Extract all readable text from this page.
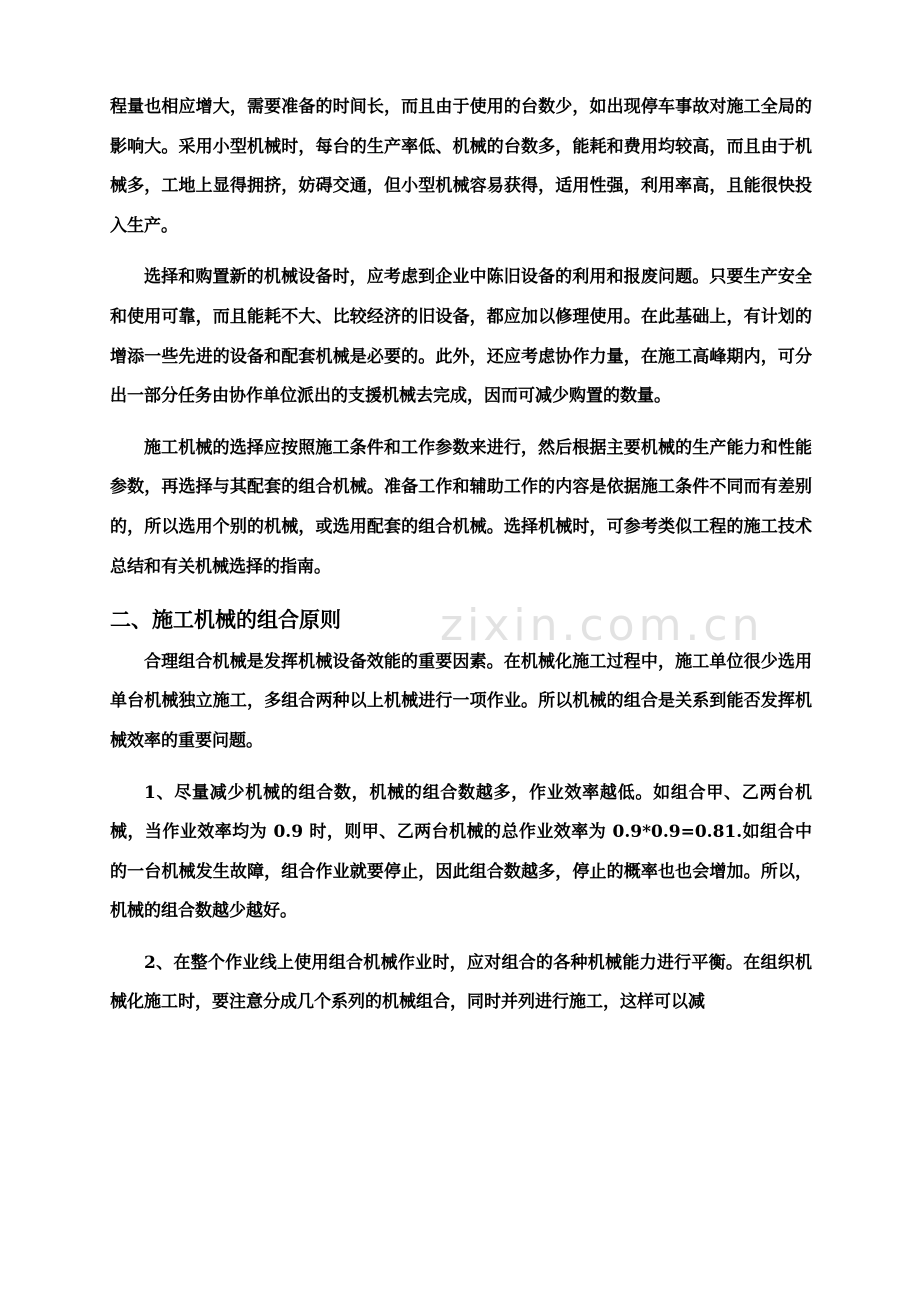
zixin.com.cn

程量也相应增大，需要准备的时间长，而且由于使用的台数少，如出现停车事故对施工全局的影响大。采用小型机械时，每台的生产率低、机械的台数多，能耗和费用均较高，而且由于机械多，工地上显得拥挤，妨碍交通，但小型机械容易获得，适用性强，利用率高，且能很快投入生产。

选择和购置新的机械设备时，应考虑到企业中陈旧设备的利用和报废问题。只要生产安全和使用可靠，而且能耗不大、比较经济的旧设备，都应加以修理使用。在此基础上，有计划的增添一些先进的设备和配套机械是必要的。此外，还应考虑协作力量，在施工高峰期内，可分出一部分任务由协作单位派出的支援机械去完成，因而可减少购置的数量。

施工机械的选择应按照施工条件和工作参数来进行，然后根据主要机械的生产能力和性能参数，再选择与其配套的组合机械。准备工作和辅助工作的内容是依据施工条件不同而有差别的，所以选用个别的机械，或选用配套的组合机械。选择机械时，可参考类似工程的施工技术总结和有关机械选择的指南。

二、施工机械的组合原则

合理组合机械是发挥机械设备效能的重要因素。在机械化施工过程中，施工单位很少选用单台机械独立施工，多组合两种以上机械进行一项作业。所以机械的组合是关系到能否发挥机械效率的重要问题。

1、尽量减少机械的组合数，机械的组合数越多，作业效率越低。如组合甲、乙两台机械，当作业效率均为 0.9 时，则甲、乙两台机械的总作业效率为 0.9*0.9=0.81.如组合中的一台机械发生故障，组合作业就要停止，因此组合数越多，停止的概率也也会增加。所以，机械的组合数越少越好。

2、在整个作业线上使用组合机械作业时，应对组合的各种机械能力进行平衡。在组织机械化施工时，要注意分成几个系列的机械组合，同时并列进行施工，这样可以减
